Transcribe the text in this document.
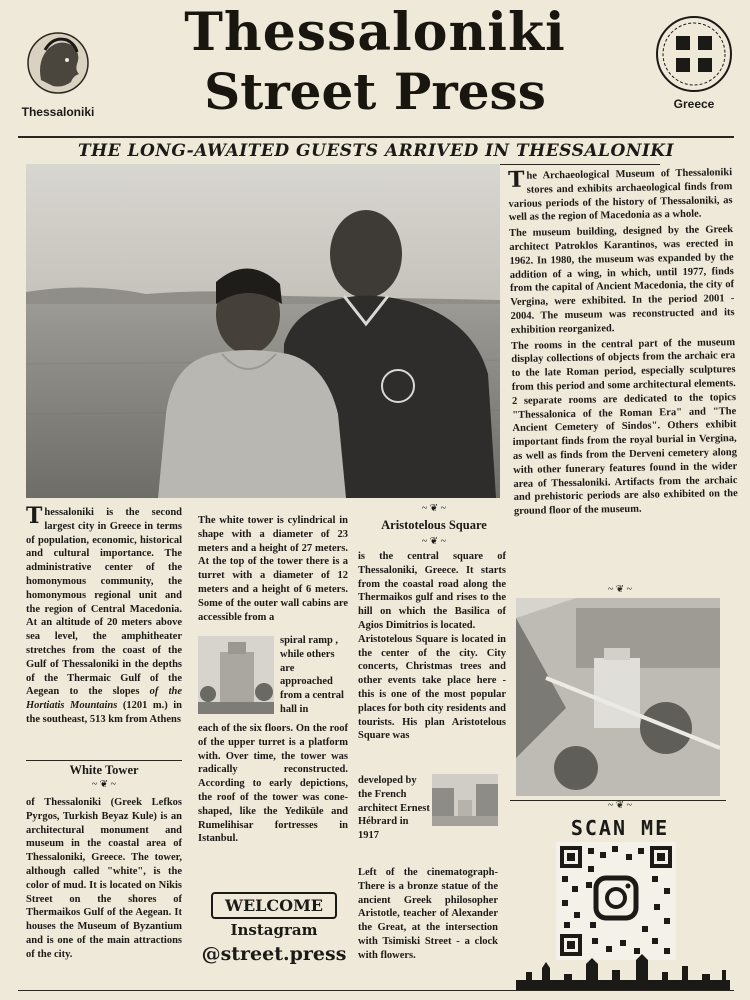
Thessaloniki
Thessaloniki
Street Press	Greece
THE LONG-AWAITED GUESTS ARRIVED IN THESSALONIKI

The Archaeological Museum of Thessaloniki stores and exhibits archaeological finds from various periods of the history of Thessaloniki, as well as the region of Macedonia as a whole.

The museum building, designed by the Greek architect Patroklos Karantinos, was erected in 1962. In 1980, the museum was expanded by the addition of a wing, in which, until 1977, finds from the capital of Ancient Macedonia, the city of Vergina, were exhibited. In the period 2001 - 2004. The museum was reconstructed and its exhibition reorganized.

The rooms in the central part of the museum display collections of objects from the archaic era to the late Roman period, especially sculptures from this period and some architectural elements. 2 separate rooms are dedicated to the topics "Thessalonica of the Roman Era" and "The Ancient Cemetery of Sindos". Others exhibit important finds from the royal burial in Vergina, as well as finds from the Derveni cemetery along with other funerary features found in the wider area of Thessaloniki. Artifacts from the archaic and prehistoric periods are also exhibited on the ground floor of the museum.

Thessaloniki is the second largest city in Greece in terms of population, economic, historical and cultural importance. The administrative center of the homonymous community, the homonymous regional unit and the region of Central Macedonia. At an altitude of 20 meters above sea level, the amphitheater stretches from the coast of the Gulf of Thessaloniki in the depths of the Thermaic Gulf of the Aegean to the slopes of the Hortiatis Mountains (1201 m.) in the southeast, 513 km from Athens
White Tower
~ ❦ ~
of Thessaloniki (Greek Lefkos Pyrgos, Turkish Beyaz Kule) is an architectural monument and museum in the coastal area of Thessaloniki, Greece. The tower, although called "white", is the color of mud. It is located on Nikis Street on the shores of Thermaikos Gulf of the Aegean. It houses the Museum of Byzantium and is one of the main attractions of the city.
The white tower is cylindrical in shape with a diameter of 23 meters and a height of 27 meters. At the top of the tower there is a turret with a diameter of 12 meters and a height of 6 meters. Some of the outer wall cabins are accessible from a
spiral ramp , while others are approached from a central hall in
each of the six floors. On the roof of the upper turret is a platform with. Over time, the tower was radically reconstructed. According to early depictions, the roof of the tower was cone-shaped, like the Yediküle and Rumelihisar fortresses in Istanbul.
WELCOME
Instagram
@street.press
~ ❦ ~
Aristotelous Square
~ ❦ ~

is the central square of Thessaloniki, Greece. It starts from the coastal road along the Thermaikos gulf and rises to the hill on which the Basilica of Agios Dimitrios is located.

Aristotelous Square is located in the center of the city. City concerts, Christmas trees and other events take place here - this is one of the most popular places for both city residents and tourists. His plan Aristotelous Square was

developed by the French architect Ernest Hébrard in 1917
Left of the cinematograph- There is a bronze statue of the ancient Greek philosopher Aristotle, teacher of Alexander the Great, at the intersection with Tsimiski Street - a clock with flowers.
~ ❦ ~
~ ❦ ~
SCAN ME
